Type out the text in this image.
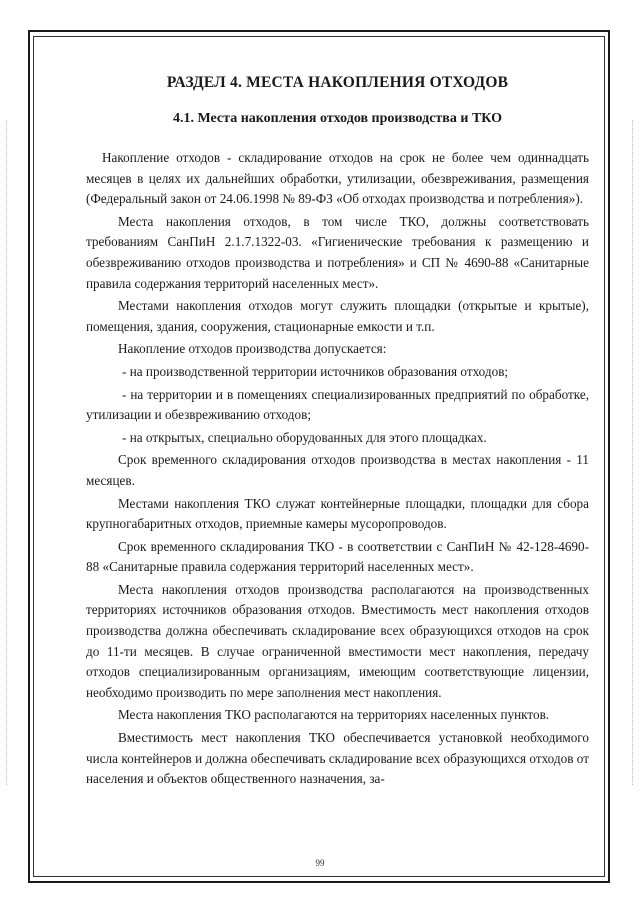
РАЗДЕЛ 4. МЕСТА НАКОПЛЕНИЯ ОТХОДОВ
4.1. Места накопления отходов производства и ТКО

Накопление отходов - складирование отходов на срок не более чем одиннадцать месяцев в целях их дальнейших обработки, утилизации, обезвреживания, размещения (Федеральный закон от 24.06.1998 № 89-ФЗ «Об отходах производства и потребления»).

Места накопления отходов, в том числе ТКО, должны соответствовать требованиям СанПиН 2.1.7.1322-03. «Гигиенические требования к размещению и обезвреживанию отходов производства и потребления» и СП № 4690-88 «Санитарные правила содержания территорий населенных мест».

Местами накопления отходов могут служить площадки (открытые и крытые), помещения, здания, сооружения, стационарные емкости и т.п.

Накопление отходов производства допускается:

- на производственной территории источников образования отходов;

- на территории и в помещениях специализированных предприятий по обработке, утилизации и обезвреживанию отходов;

- на открытых, специально оборудованных для этого площадках.

Срок временного складирования отходов производства в местах накопления - 11 месяцев.

Местами накопления ТКО служат контейнерные площадки, площадки для сбора крупногабаритных отходов, приемные камеры мусоропроводов.

Срок временного складирования ТКО - в соответствии с СанПиН № 42-128-4690-88 «Санитарные правила содержания территорий населенных мест».

Места накопления отходов производства располагаются на производственных территориях источников образования отходов. Вместимость мест накопления отходов производства должна обеспечивать складирование всех образующихся отходов на срок до 11-ти месяцев. В случае ограниченной вместимости мест накопления, передачу отходов специализированным организациям, имеющим соответствующие лицензии, необходимо производить по мере заполнения мест накопления.

Места накопления ТКО располагаются на территориях населенных пунктов.

Вместимость мест накопления ТКО обеспечивается установкой необходимого числа контейнеров и должна обеспечивать складирование всех образующихся отходов от населения и объектов общественного назначения, за-

99
